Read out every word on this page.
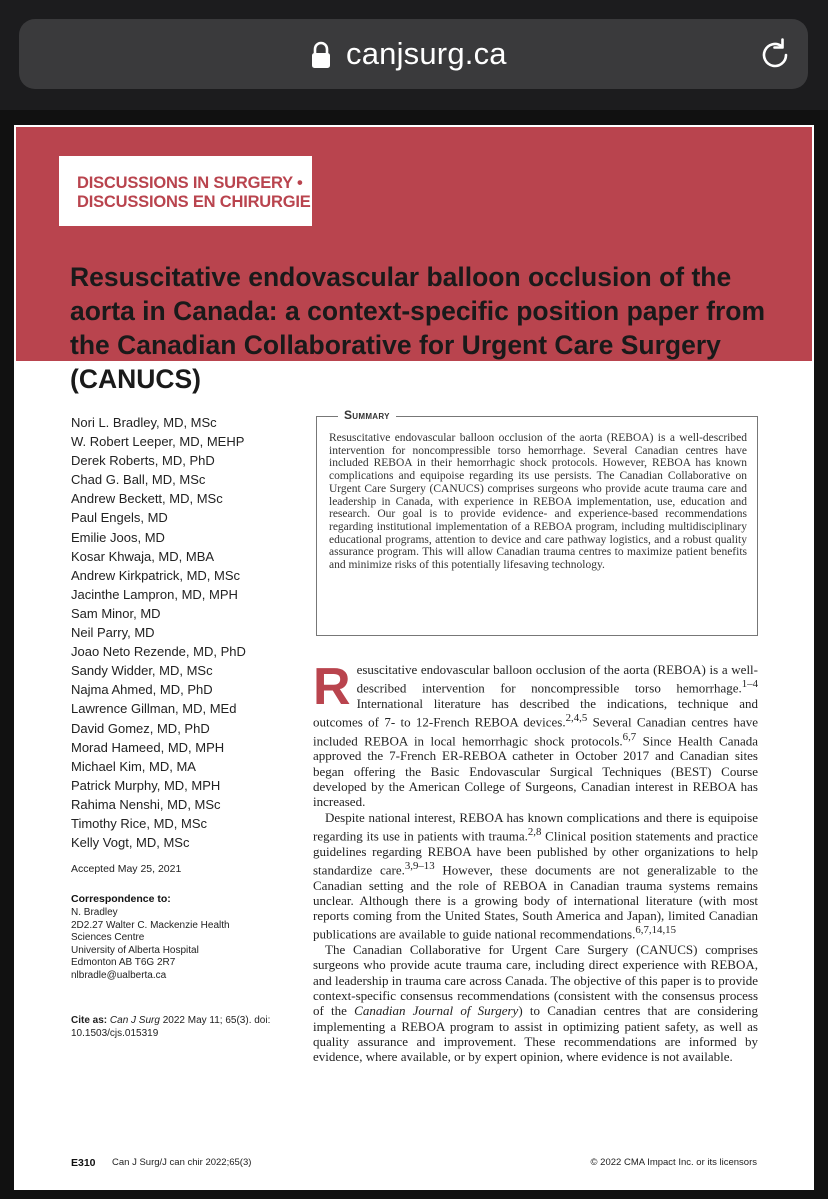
canjsurg.ca
DISCUSSIONS IN SURGERY •
DISCUSSIONS EN CHIRURGIE
Resuscitative endovascular balloon occlusion of the aorta in Canada: a context-specific position paper from the Canadian Collaborative for Urgent Care Surgery (CANUCS)
Nori L. Bradley, MD, MSc
W. Robert Leeper, MD, MEHP
Derek Roberts, MD, PhD
Chad G. Ball, MD, MSc
Andrew Beckett, MD, MSc
Paul Engels, MD
Emilie Joos, MD
Kosar Khwaja, MD, MBA
Andrew Kirkpatrick, MD, MSc
Jacinthe Lampron, MD, MPH
Sam Minor, MD
Neil Parry, MD
Joao Neto Rezende, MD, PhD
Sandy Widder, MD, MSc
Najma Ahmed, MD, PhD
Lawrence Gillman, MD, MEd
David Gomez, MD, PhD
Morad Hameed, MD, MPH
Michael Kim, MD, MA
Patrick Murphy, MD, MPH
Rahima Nenshi, MD, MSc
Timothy Rice, MD, MSc
Kelly Vogt, MD, MSc
Accepted May 25, 2021
Correspondence to:
N. Bradley
2D2.27 Walter C. Mackenzie Health
Sciences Centre
University of Alberta Hospital
Edmonton AB T6G 2R7
nlbradle@ualberta.ca
Cite as: Can J Surg 2022 May 11; 65(3). doi: 10.1503/cjs.015319
Summary
Resuscitative endovascular balloon occlusion of the aorta (REBOA) is a well-described intervention for noncompressible torso hemorrhage. Several Canadian centres have included REBOA in their hemorrhagic shock protocols. However, REBOA has known complications and equipoise regarding its use persists. The Canadian Collaborative on Urgent Care Surgery (CANUCS) comprises surgeons who provide acute trauma care and leadership in Canada, with experience in REBOA implementation, use, education and research. Our goal is to provide evidence- and experience-based recommendations regarding institutional implementation of a REBOA program, including multidisciplinary educational programs, attention to device and care pathway logistics, and a robust quality assurance program. This will allow Canadian trauma centres to maximize patient benefits and minimize risks of this potentially lifesaving technology.

Resuscitative endovascular balloon occlusion of the aorta (REBOA) is a well-described intervention for noncompressible torso hemorrhage.$^{1-4}$ International literature has described the indications, technique and outcomes of 7- to 12-French REBOA devices.$^{2,4,5}$ Several Canadian centres have included REBOA in local hemorrhagic shock protocols.$^{6,7}$ Since Health Canada approved the 7-French ER-REBOA catheter in October 2017 and Canadian sites began offering the Basic Endovascular Surgical Techniques (BEST) Course developed by the American College of Surgeons, Canadian interest in REBOA has increased.

Despite national interest, REBOA has known complications and there is equipoise regarding its use in patients with trauma.$^{2,8}$ Clinical position statements and practice guidelines regarding REBOA have been published by other organizations to help standardize care.$^{3,9-13}$ However, these documents are not generalizable to the Canadian setting and the role of REBOA in Canadian trauma systems remains unclear. Although there is a growing body of international literature (with most reports coming from the United States, South America and Japan), limited Canadian publications are available to guide national recommendations.$^{6,7,14,15}$

The Canadian Collaborative for Urgent Care Surgery (CANUCS) comprises surgeons who provide acute trauma care, including direct experience with REBOA, and leadership in trauma care across Canada. The objective of this paper is to provide context-specific consensus recommendations (consistent with the consensus process of the Canadian Journal of Surgery) to Canadian centres that are considering implementing a REBOA program to assist in optimizing patient safety, as well as quality assurance and improvement. These recommendations are informed by evidence, where available, or by expert opinion, where evidence is not available.

E310 Can J Surg/J can chir 2022;65(3)	© 2022 CMA Impact Inc. or its licensors
